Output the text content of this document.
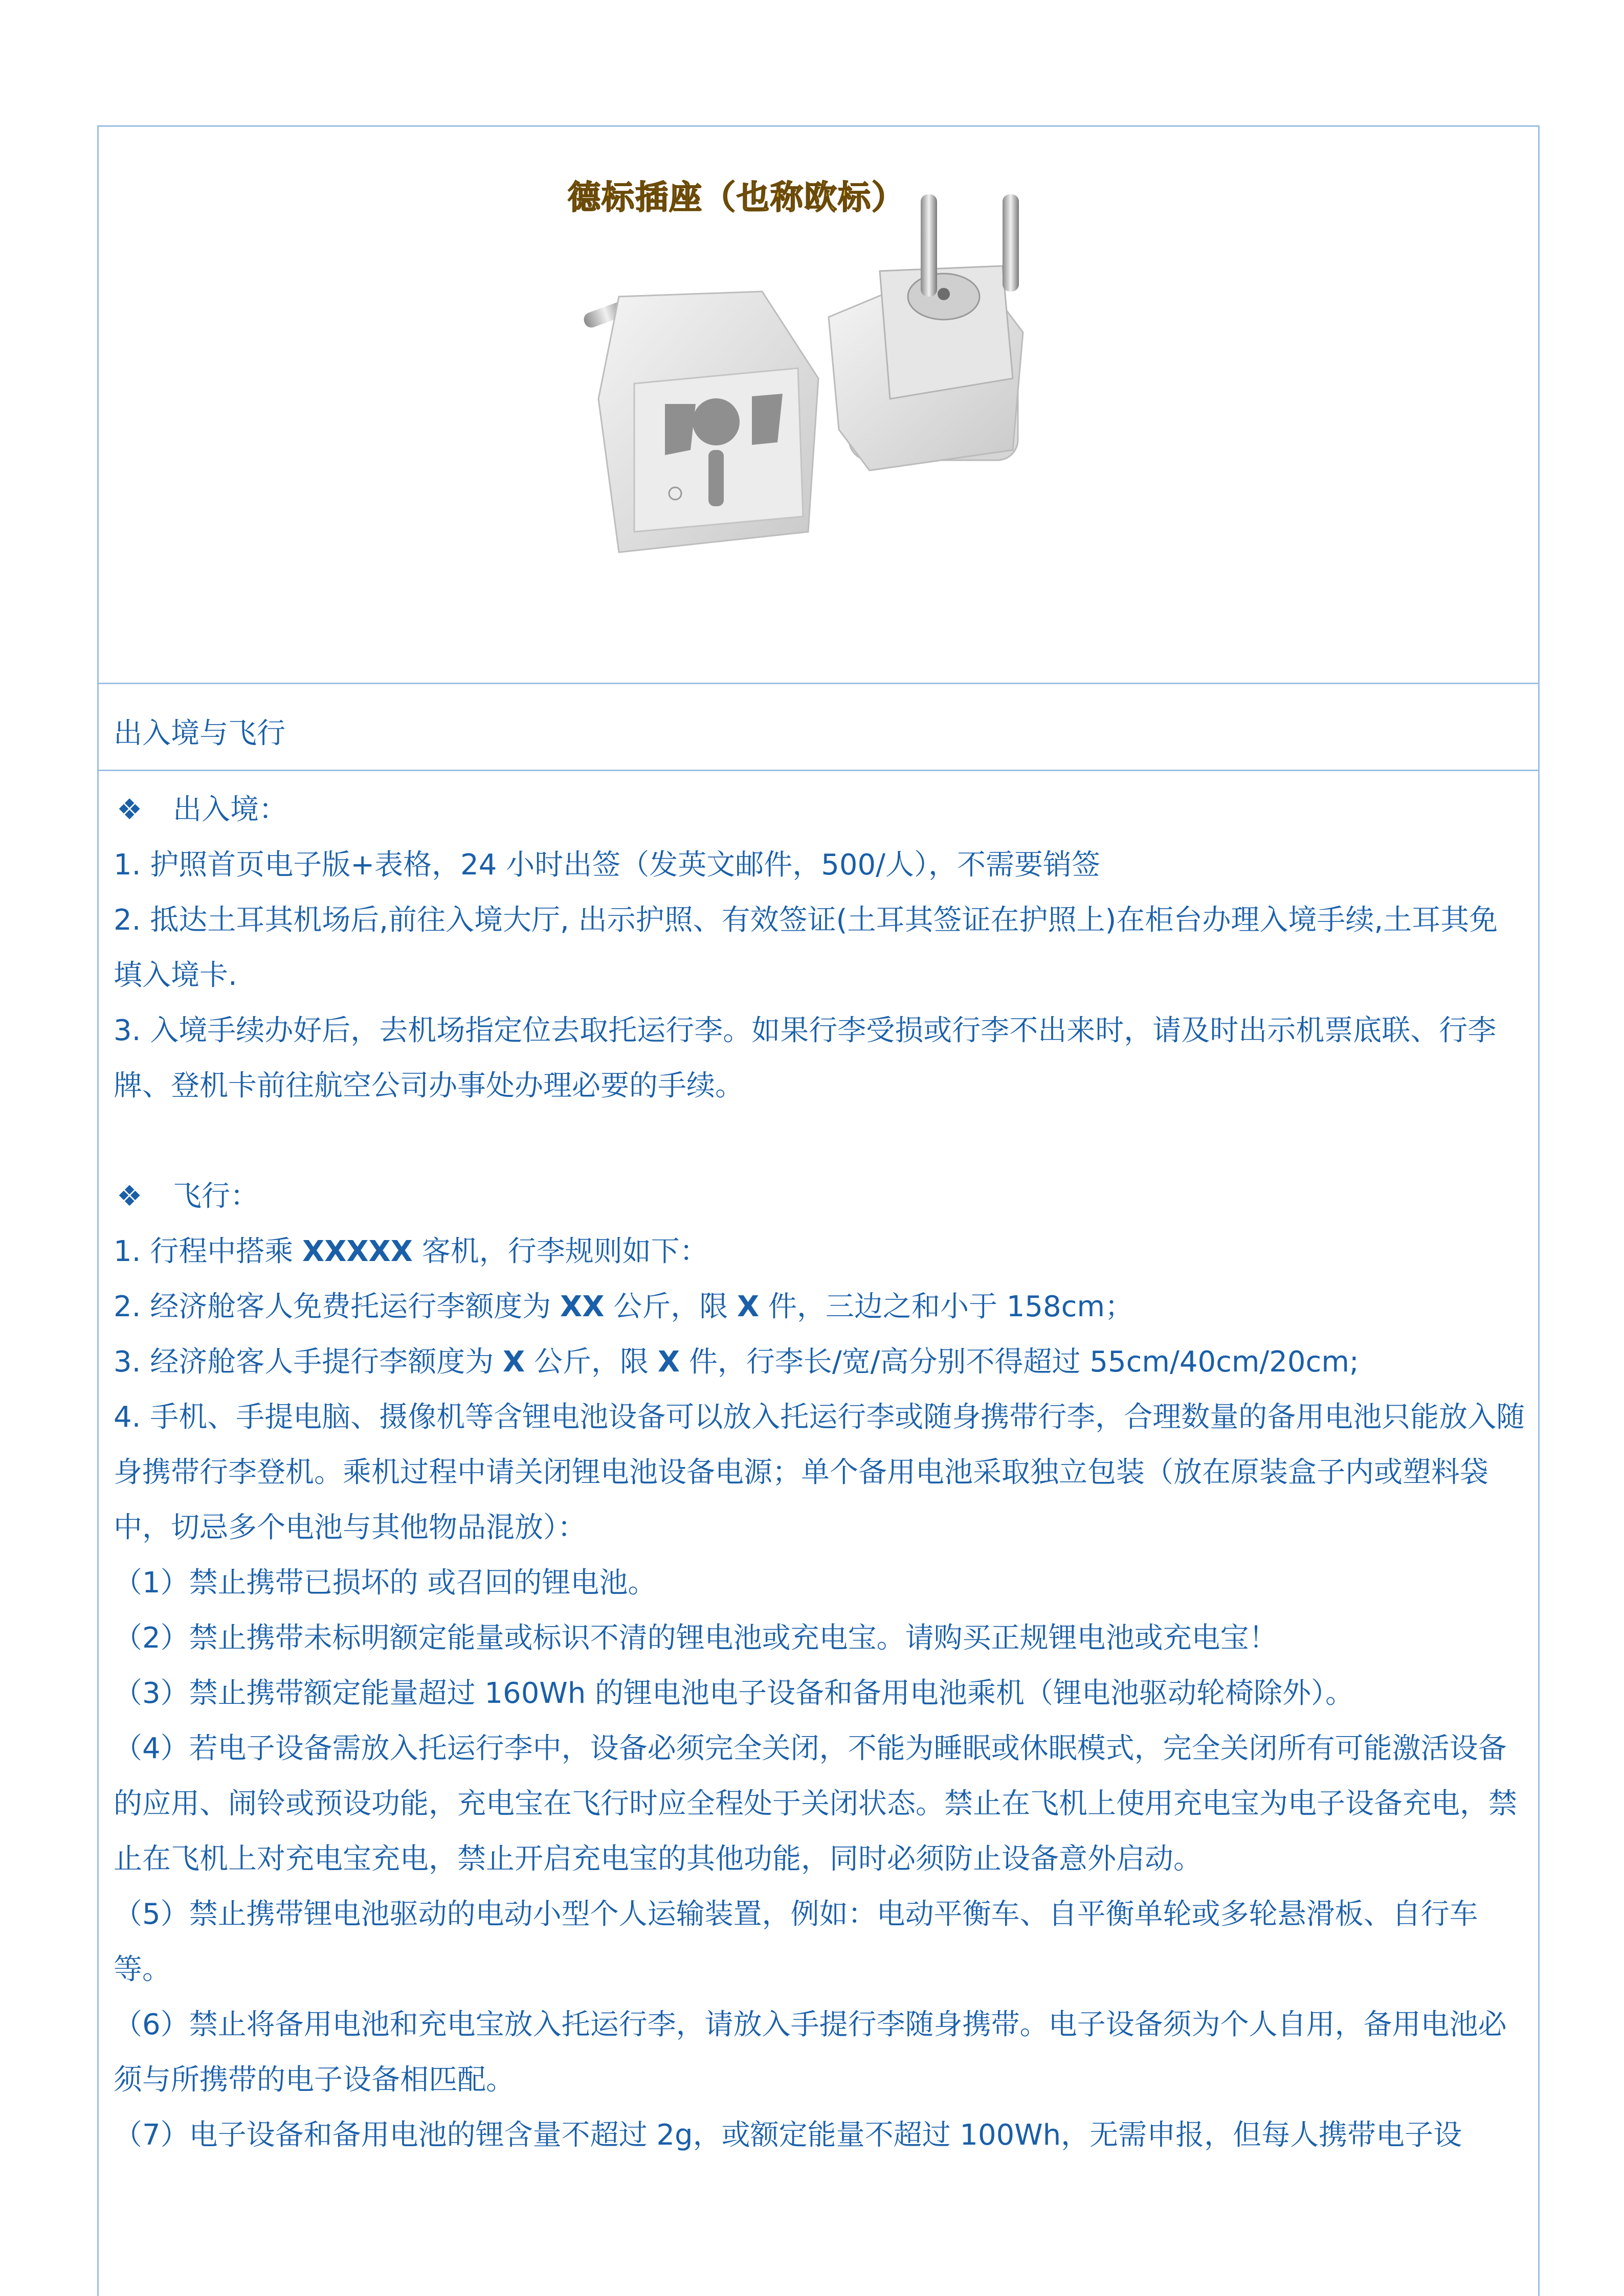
德标插座（也称欧标）
出入境与飞行

❖ 出入境：

1. 护照首页电子版+表格，24 小时出签（发英文邮件，500/人），不需要销签

2. 抵达土耳其机场后,前往入境大厅, 出示护照、有效签证(土耳其签证在护照上)在柜台办理入境手续,土耳其免填入境卡.

3. 入境手续办好后，去机场指定位去取托运行李。如果行李受损或行李不出来时，请及时出示机票底联、行李牌、登机卡前往航空公司办事处办理必要的手续。

❖ 飞行：

1. 行程中搭乘 XXXXX 客机，行李规则如下：

2. 经济舱客人免费托运行李额度为 XX 公斤，限 X 件，三边之和小于 158cm；

3. 经济舱客人手提行李额度为 X 公斤，限 X 件，行李长/宽/高分别不得超过 55cm/40cm/20cm;

4. 手机、手提电脑、摄像机等含锂电池设备可以放入托运行李或随身携带行李，合理数量的备用电池只能放入随身携带行李登机。乘机过程中请关闭锂电池设备电源；单个备用电池采取独立包装（放在原装盒子内或塑料袋中，切忌多个电池与其他物品混放）：

（1）禁止携带已损坏的 或召回的锂电池。

（2）禁止携带未标明额定能量或标识不清的锂电池或充电宝。请购买正规锂电池或充电宝！

（3）禁止携带额定能量超过 160Wh 的锂电池电子设备和备用电池乘机（锂电池驱动轮椅除外）。

（4）若电子设备需放入托运行李中，设备必须完全关闭，不能为睡眠或休眠模式，完全关闭所有可能激活设备的应用、闹铃或预设功能，充电宝在飞行时应全程处于关闭状态。禁止在飞机上使用充电宝为电子设备充电，禁止在飞机上对充电宝充电，禁止开启充电宝的其他功能，同时必须防止设备意外启动。

（5）禁止携带锂电池驱动的电动小型个人运输装置，例如：电动平衡车、自平衡单轮或多轮悬滑板、自行车等。

（6）禁止将备用电池和充电宝放入托运行李，请放入手提行李随身携带。电子设备须为个人自用，备用电池必须与所携带的电子设备相匹配。

（7）电子设备和备用电池的锂含量不超过 2g，或额定能量不超过 100Wh，无需申报，但每人携带电子设
